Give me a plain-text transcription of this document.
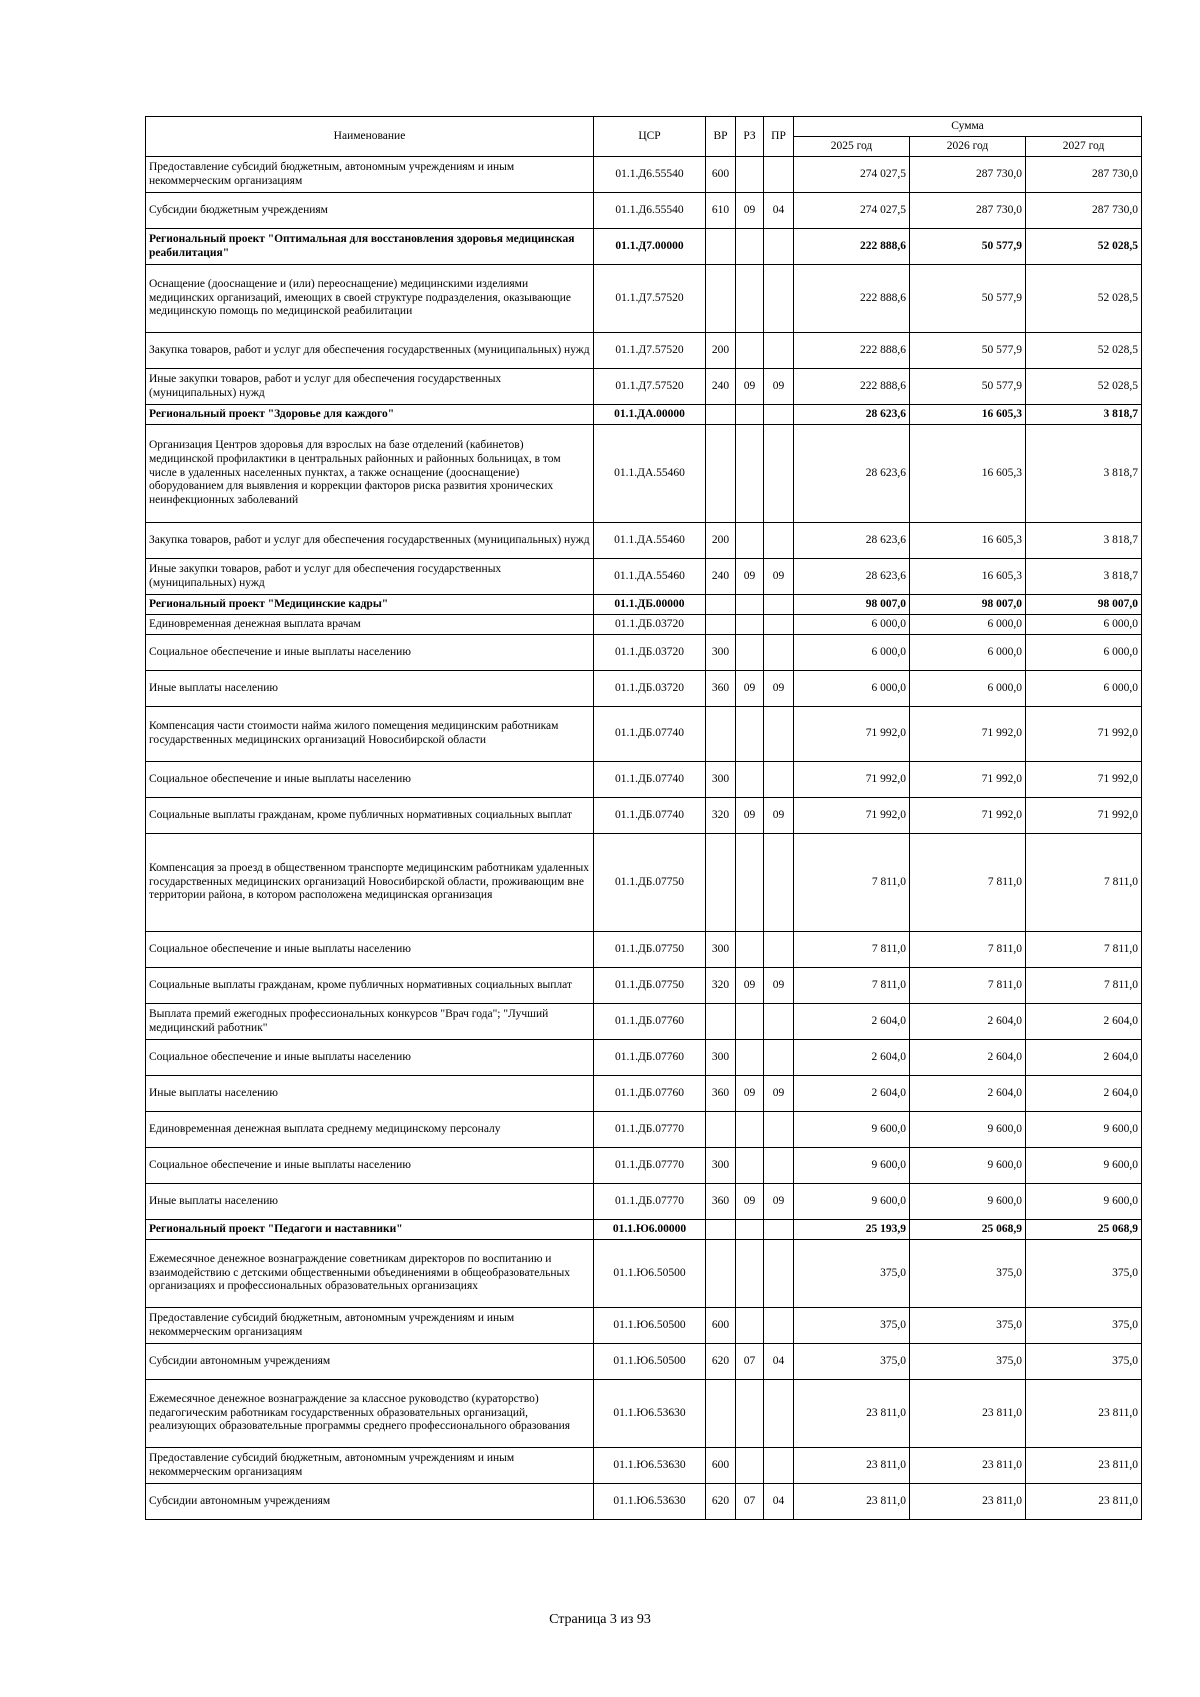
Наименование	ЦСР	ВР	РЗ	ПР	Сумма		
					2025 год	2026 год	2027 год
Предоставление субсидий бюджетным, автономным учреждениям и иным некоммерческим организациям	01.1.Д6.55540	600			274 027,5	287 730,0	287 730,0
Субсидии бюджетным учреждениям	01.1.Д6.55540	610	09	04	274 027,5	287 730,0	287 730,0
Региональный проект "Оптимальная для восстановления здоровья медицинская реабилитация"	01.1.Д7.00000				222 888,6	50 577,9	52 028,5
Оснащение (дооснащение и (или) переоснащение) медицинскими изделиями медицинских организаций, имеющих в своей структуре подразделения, оказывающие медицинскую помощь по медицинской реабилитации	01.1.Д7.57520				222 888,6	50 577,9	52 028,5
Закупка товаров, работ и услуг для обеспечения государственных (муниципальных) нужд	01.1.Д7.57520	200			222 888,6	50 577,9	52 028,5
Иные закупки товаров, работ и услуг для обеспечения государственных (муниципальных) нужд	01.1.Д7.57520	240	09	09	222 888,6	50 577,9	52 028,5
Региональный проект "Здоровье для каждого"	01.1.ДА.00000				28 623,6	16 605,3	3 818,7
Организация Центров здоровья для взрослых на базе отделений (кабинетов) медицинской профилактики в центральных районных и районных больницах, в том числе в удаленных населенных пунктах, а также оснащение (дооснащение) оборудованием для выявления и коррекции факторов риска развития хронических неинфекционных заболеваний	01.1.ДА.55460				28 623,6	16 605,3	3 818,7
Закупка товаров, работ и услуг для обеспечения государственных (муниципальных) нужд	01.1.ДА.55460	200			28 623,6	16 605,3	3 818,7
Иные закупки товаров, работ и услуг для обеспечения государственных (муниципальных) нужд	01.1.ДА.55460	240	09	09	28 623,6	16 605,3	3 818,7
Региональный проект "Медицинские кадры"	01.1.ДБ.00000				98 007,0	98 007,0	98 007,0
Единовременная денежная выплата врачам	01.1.ДБ.03720				6 000,0	6 000,0	6 000,0
Социальное обеспечение и иные выплаты населению	01.1.ДБ.03720	300			6 000,0	6 000,0	6 000,0
Иные выплаты населению	01.1.ДБ.03720	360	09	09	6 000,0	6 000,0	6 000,0
Компенсация части стоимости найма жилого помещения медицинским работникам государственных медицинских организаций Новосибирской области	01.1.ДБ.07740				71 992,0	71 992,0	71 992,0
Социальное обеспечение и иные выплаты населению	01.1.ДБ.07740	300			71 992,0	71 992,0	71 992,0
Социальные выплаты гражданам, кроме публичных нормативных социальных выплат	01.1.ДБ.07740	320	09	09	71 992,0	71 992,0	71 992,0
Компенсация за проезд в общественном транспорте медицинским работникам удаленных государственных медицинских организаций Новосибирской области, проживающим вне территории района, в котором расположена медицинская организация	01.1.ДБ.07750				7 811,0	7 811,0	7 811,0
Социальное обеспечение и иные выплаты населению	01.1.ДБ.07750	300			7 811,0	7 811,0	7 811,0
Социальные выплаты гражданам, кроме публичных нормативных социальных выплат	01.1.ДБ.07750	320	09	09	7 811,0	7 811,0	7 811,0
Выплата премий ежегодных профессиональных конкурсов "Врач года"; "Лучший медицинский работник"	01.1.ДБ.07760				2 604,0	2 604,0	2 604,0
Социальное обеспечение и иные выплаты населению	01.1.ДБ.07760	300			2 604,0	2 604,0	2 604,0
Иные выплаты населению	01.1.ДБ.07760	360	09	09	2 604,0	2 604,0	2 604,0
Единовременная денежная выплата среднему медицинскому персоналу	01.1.ДБ.07770				9 600,0	9 600,0	9 600,0
Социальное обеспечение и иные выплаты населению	01.1.ДБ.07770	300			9 600,0	9 600,0	9 600,0
Иные выплаты населению	01.1.ДБ.07770	360	09	09	9 600,0	9 600,0	9 600,0
Региональный проект "Педагоги и наставники"	01.1.Ю6.00000				25 193,9	25 068,9	25 068,9
Ежемесячное денежное вознаграждение советникам директоров по воспитанию и взаимодействию с детскими общественными объединениями в общеобразовательных организациях и профессиональных образовательных организациях	01.1.Ю6.50500				375,0	375,0	375,0
Предоставление субсидий бюджетным, автономным учреждениям и иным некоммерческим организациям	01.1.Ю6.50500	600			375,0	375,0	375,0
Субсидии автономным учреждениям	01.1.Ю6.50500	620	07	04	375,0	375,0	375,0
Ежемесячное денежное вознаграждение за классное руководство (кураторство) педагогическим работникам государственных образовательных организаций, реализующих образовательные программы среднего профессионального образования	01.1.Ю6.53630				23 811,0	23 811,0	23 811,0
Предоставление субсидий бюджетным, автономным учреждениям и иным некоммерческим организациям	01.1.Ю6.53630	600			23 811,0	23 811,0	23 811,0
Субсидии автономным учреждениям	01.1.Ю6.53630	620	07	04	23 811,0	23 811,0	23 811,0
Страница 3 из 93
